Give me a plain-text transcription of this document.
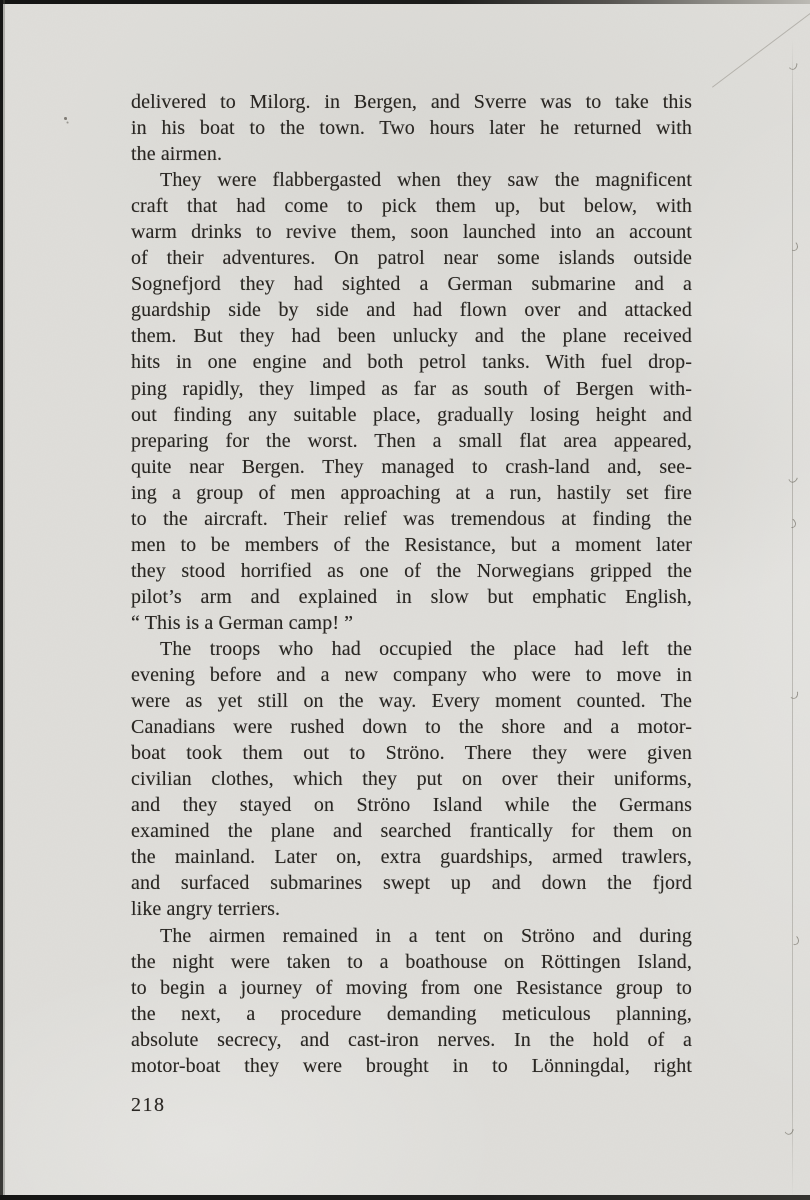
delivered to Milorg. in Bergen, and Sverre was to take this
in his boat to the town. Two hours later he returned with
the airmen.
They were flabbergasted when they saw the magnificent
craft that had come to pick them up, but below, with
warm drinks to revive them, soon launched into an account
of their adventures. On patrol near some islands outside
Sognefjord they had sighted a German submarine and a
guardship side by side and had flown over and attacked
them. But they had been unlucky and the plane received
hits in one engine and both petrol tanks. With fuel drop-
ping rapidly, they limped as far as south of Bergen with-
out finding any suitable place, gradually losing height and
preparing for the worst. Then a small flat area appeared,
quite near Bergen. They managed to crash-land and, see-
ing a group of men approaching at a run, hastily set fire
to the aircraft. Their relief was tremendous at finding the
men to be members of the Resistance, but a moment later
they stood horrified as one of the Norwegians gripped the
pilot’s arm and explained in slow but emphatic English,
“ This is a German camp! ”
The troops who had occupied the place had left the
evening before and a new company who were to move in
were as yet still on the way. Every moment counted. The
Canadians were rushed down to the shore and a motor-
boat took them out to Ströno. There they were given
civilian clothes, which they put on over their uniforms,
and they stayed on Ströno Island while the Germans
examined the plane and searched frantically for them on
the mainland. Later on, extra guardships, armed trawlers,
and surfaced submarines swept up and down the fjord
like angry terriers.
The airmen remained in a tent on Ströno and during
the night were taken to a boathouse on Röttingen Island,
to begin a journey of moving from one Resistance group to
the next, a procedure demanding meticulous planning,
absolute secrecy, and cast-iron nerves. In the hold of a
motor-boat they were brought in to Lönningdal, right
218
